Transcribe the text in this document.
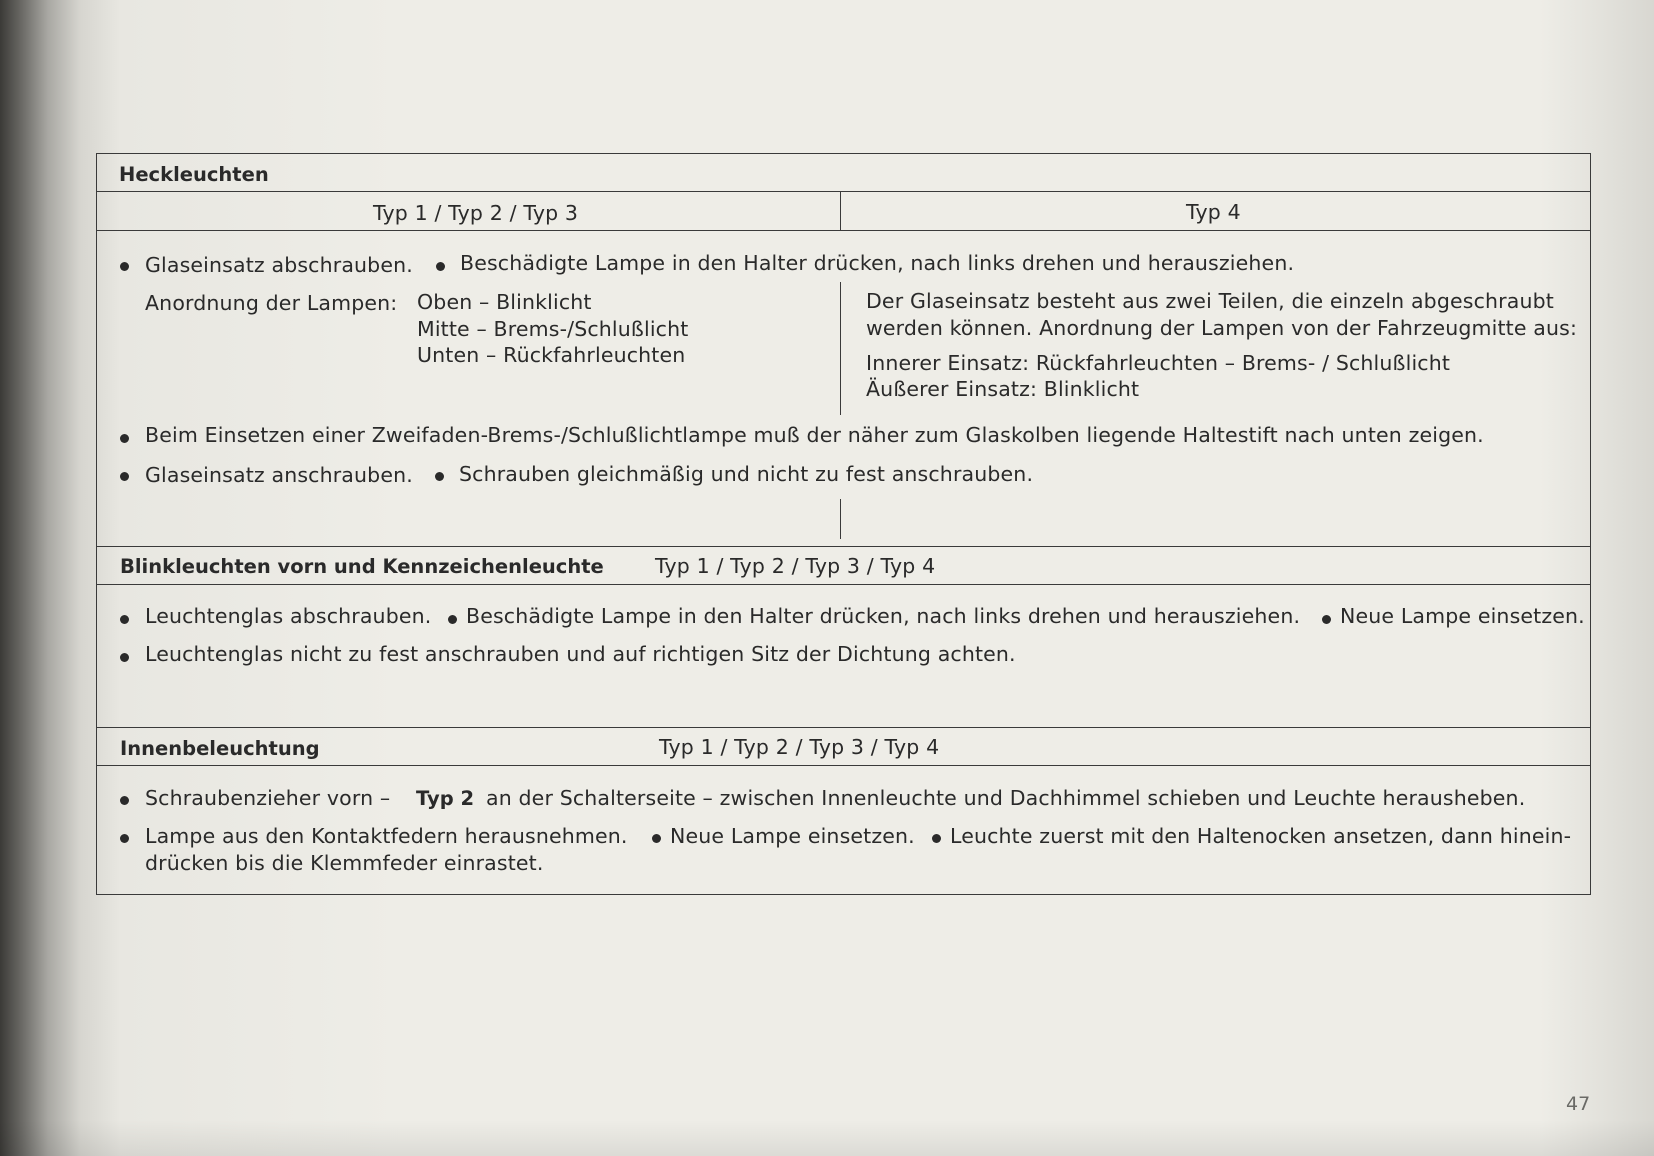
Heckleuchten
Typ 1 / Typ 2 / Typ 3	Typ 4
Glaseinsatz abschrauben. Beschädigte Lampe in den Halter drücken, nach links drehen und herausziehen.
Anordnung der Lampen: Oben – Blinklicht
Mitte – Brems-/Schlußlicht
Unten – Rückfahrleuchten
Der Glaseinsatz besteht aus zwei Teilen, die einzeln abgeschraubt
werden können. Anordnung der Lampen von der Fahrzeugmitte aus:
Innerer Einsatz: Rückfahrleuchten – Brems- / Schlußlicht
Äußerer Einsatz: Blinklicht
Beim Einsetzen einer Zweifaden-Brems-/Schlußlichtlampe muß der näher zum Glaskolben liegende Haltestift nach unten zeigen.
Glaseinsatz anschrauben. Schrauben gleichmäßig und nicht zu fest anschrauben.
Blinkleuchten vorn und Kennzeichenleuchte Typ 1 / Typ 2 / Typ 3 / Typ 4
Leuchtenglas abschrauben. Beschädigte Lampe in den Halter drücken, nach links drehen und herausziehen. Neue Lampe einsetzen.
Leuchtenglas nicht zu fest anschrauben und auf richtigen Sitz der Dichtung achten.
Innenbeleuchtung	Typ 1 / Typ 2 / Typ 3 / Typ 4
Schraubenzieher vorn – Typ 2 an der Schalterseite – zwischen Innenleuchte und Dachhimmel schieben und Leuchte herausheben.
Lampe aus den Kontaktfedern herausnehmen. Neue Lampe einsetzen. Leuchte zuerst mit den Haltenocken ansetzen, dann hinein-
drücken bis die Klemmfeder einrastet.
47
